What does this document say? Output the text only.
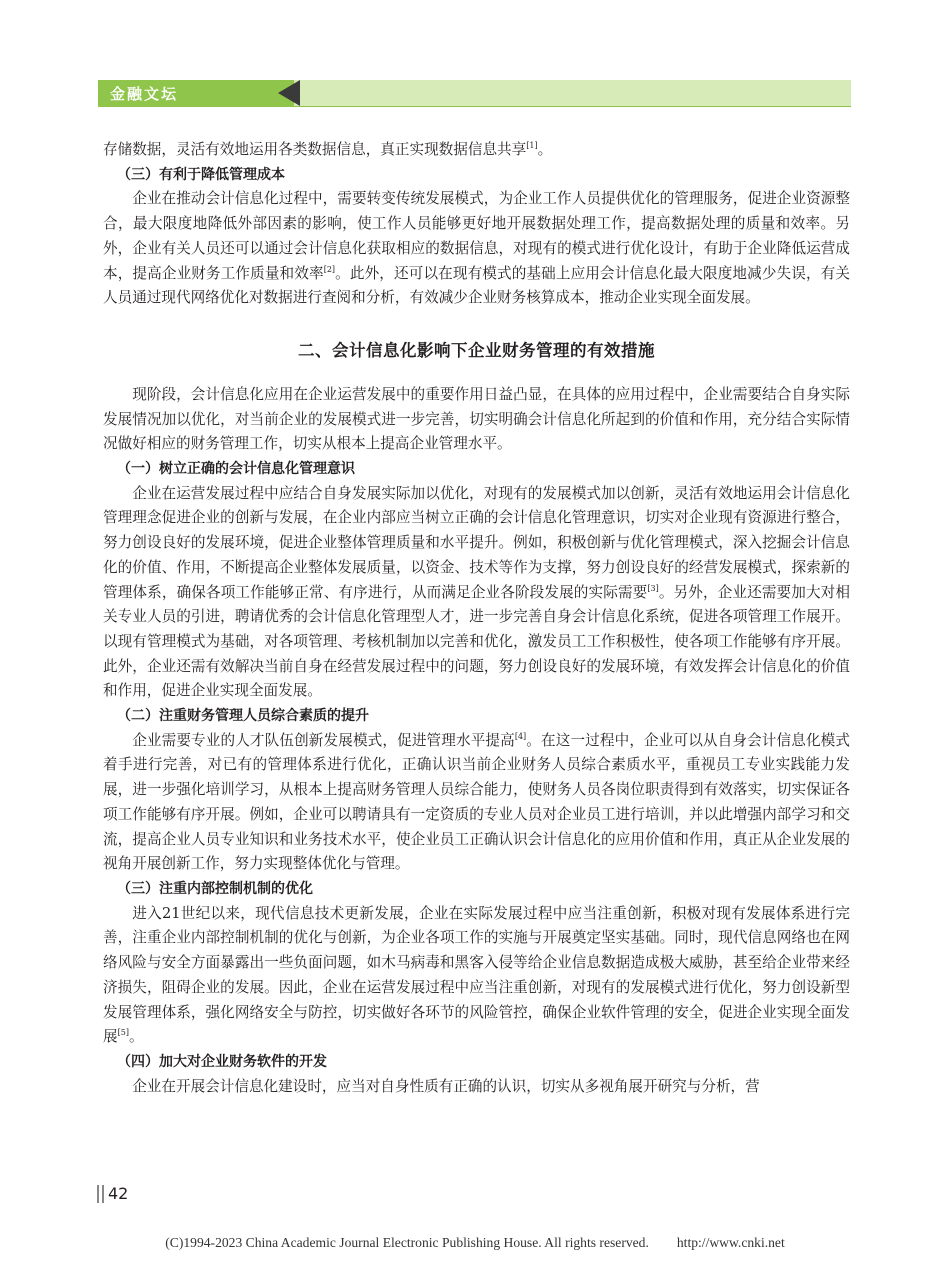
金融文坛

存储数据，灵活有效地运用各类数据信息，真正实现数据信息共享[1]。

（三）有利于降低管理成本

企业在推动会计信息化过程中，需要转变传统发展模式，为企业工作人员提供优化的管理服务，促进企业资源整合，最大限度地降低外部因素的影响，使工作人员能够更好地开展数据处理工作，提高数据处理的质量和效率。另外，企业有关人员还可以通过会计信息化获取相应的数据信息，对现有的模式进行优化设计，有助于企业降低运营成本，提高企业财务工作质量和效率[2]。此外，还可以在现有模式的基础上应用会计信息化最大限度地减少失误，有关人员通过现代网络优化对数据进行查阅和分析，有效减少企业财务核算成本，推动企业实现全面发展。

二、会计信息化影响下企业财务管理的有效措施

现阶段，会计信息化应用在企业运营发展中的重要作用日益凸显，在具体的应用过程中，企业需要结合自身实际发展情况加以优化，对当前企业的发展模式进一步完善，切实明确会计信息化所起到的价值和作用，充分结合实际情况做好相应的财务管理工作，切实从根本上提高企业管理水平。

（一）树立正确的会计信息化管理意识

企业在运营发展过程中应结合自身发展实际加以优化，对现有的发展模式加以创新，灵活有效地运用会计信息化管理理念促进企业的创新与发展，在企业内部应当树立正确的会计信息化管理意识，切实对企业现有资源进行整合，努力创设良好的发展环境，促进企业整体管理质量和水平提升。例如，积极创新与优化管理模式，深入挖掘会计信息化的价值、作用，不断提高企业整体发展质量，以资金、技术等作为支撑，努力创设良好的经营发展模式，探索新的管理体系，确保各项工作能够正常、有序进行，从而满足企业各阶段发展的实际需要[3]。另外，企业还需要加大对相关专业人员的引进，聘请优秀的会计信息化管理型人才，进一步完善自身会计信息化系统，促进各项管理工作展开。以现有管理模式为基础，对各项管理、考核机制加以完善和优化，激发员工工作积极性，使各项工作能够有序开展。此外，企业还需有效解决当前自身在经营发展过程中的问题，努力创设良好的发展环境，有效发挥会计信息化的价值和作用，促进企业实现全面发展。

（二）注重财务管理人员综合素质的提升

企业需要专业的人才队伍创新发展模式，促进管理水平提高[4]。在这一过程中，企业可以从自身会计信息化模式着手进行完善，对已有的管理体系进行优化，正确认识当前企业财务人员综合素质水平，重视员工专业实践能力发展，进一步强化培训学习，从根本上提高财务管理人员综合能力，使财务人员各岗位职责得到有效落实，切实保证各项工作能够有序开展。例如，企业可以聘请具有一定资质的专业人员对企业员工进行培训，并以此增强内部学习和交流，提高企业人员专业知识和业务技术水平，使企业员工正确认识会计信息化的应用价值和作用，真正从企业发展的视角开展创新工作，努力实现整体优化与管理。

（三）注重内部控制机制的优化

进入21世纪以来，现代信息技术更新发展，企业在实际发展过程中应当注重创新，积极对现有发展体系进行完善，注重企业内部控制机制的优化与创新，为企业各项工作的实施与开展奠定坚实基础。同时，现代信息网络也在网络风险与安全方面暴露出一些负面问题，如木马病毒和黑客入侵等给企业信息数据造成极大威胁，甚至给企业带来经济损失，阻碍企业的发展。因此，企业在运营发展过程中应当注重创新，对现有的发展模式进行优化，努力创设新型发展管理体系，强化网络安全与防控，切实做好各环节的风险管控，确保企业软件管理的安全，促进企业实现全面发展[5]。

（四）加大对企业财务软件的开发

企业在开展会计信息化建设时，应当对自身性质有正确的认识，切实从多视角展开研究与分析，营

42
(C)1994-2023 China Academic Journal Electronic Publishing House. All rights reserved. http://www.cnki.net
